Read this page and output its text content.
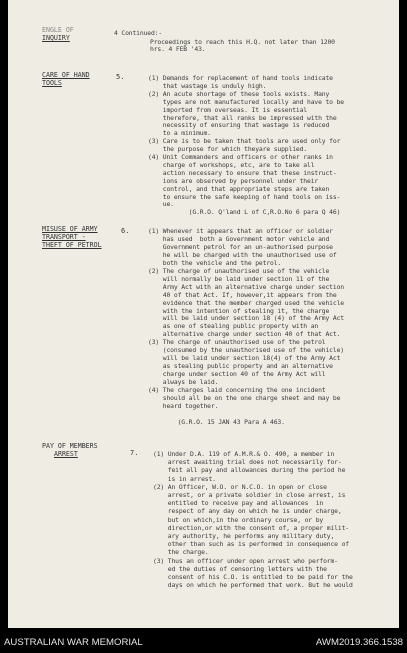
ENGLE OF
INQUIRY
4 Continued:-
Proceedings to reach this H.Q. not later than 1200
hrs. 4 FEB '43.
CARE OF HAND
TOOLS
5.	(1) Demands for replacement of hand tools indicate
that wastage is unduly high.
(2) An acute shortage of these tools exists. Many
types are not manufactured locally and have to be
imported from overseas. It is essential
therefore, that all ranks be impressed with the
necessity of ensuring that wastage is reduced
to a minimum.
(3) Care is to be taken that tools are used only for
the purpose for which theyare supplied.
(4) Unit Commanders and officers or other ranks in
charge of workshops, etc, are to take all
action necessary to ensure that these instruct-
ions are observed by personnel under their
control, and that appropriate steps are taken
to ensure the safe keeping of hand tools on iss-
ue.
(G.R.O. Q'land L of C,R.O.No 6 para Q 46)
MISUSE OF ARMY
TRANSPORT -
THEFT OF PETROL
6.	(1) Whenever it appears that an officer or soldier
has used  both a Government motor vehicle and
Government petrol for an un-authorised purpose
he will be charged with the unauthorised use of
both the vehicle and the petrol.
(2) The charge of unauthorised use of the vehicle
will normally be laid under section 11 of the
Army Act with an alternative charge under section
40 of that Act. If, however,it appears from the
evidence that the member charged used the vehicle
with the intention of stealing it, the charge
will be laid under section 18 (4) of the Army Act
as one of stealing public property with an
alternative charge under section 40 of that Act.
(3) The charge of unauthorised use of the petrol
(consumed by the unauthorised use of the vehicle)
will be laid under section 18(4) of the Army Act
as stealing public property and an alternative
charge under section 40 of the Army Act will
always be laid.
(4) The charges laid concerning the one incident
should all be on the one charge sheet and may be
heard together.
(G.R.O. 15 JAN 43 Para A 463.
PAY OF MEMBERS
ARREST	7. (1) Under D.A. 119 of A.M.R.& O. 490, a member in
arrest awaiting trial does not necessarily for-
feit all pay and allowances during the period he
is in arrest.
(2) An Officer, W.O. or N.C.O. in open or close
arrest, or a private soldier in close arrest, is
entitled to receive pay and allowances  in
respect of any day on which he is under charge,
but on which,in the ordinary course, or by
direction,or with the consent of, a proper milit-
ary authority, he performs any military duty,
other than such as is performed in consequence of
the charge.
(3) Thus an officer under open arrest who perform-
ed the duties of censoring letters with the
consent of his C.O. is entitled to be paid for the
days on which he performed that work. But he would
AUSTRALIAN WAR MEMORIAL	AWM2019.366.1538
